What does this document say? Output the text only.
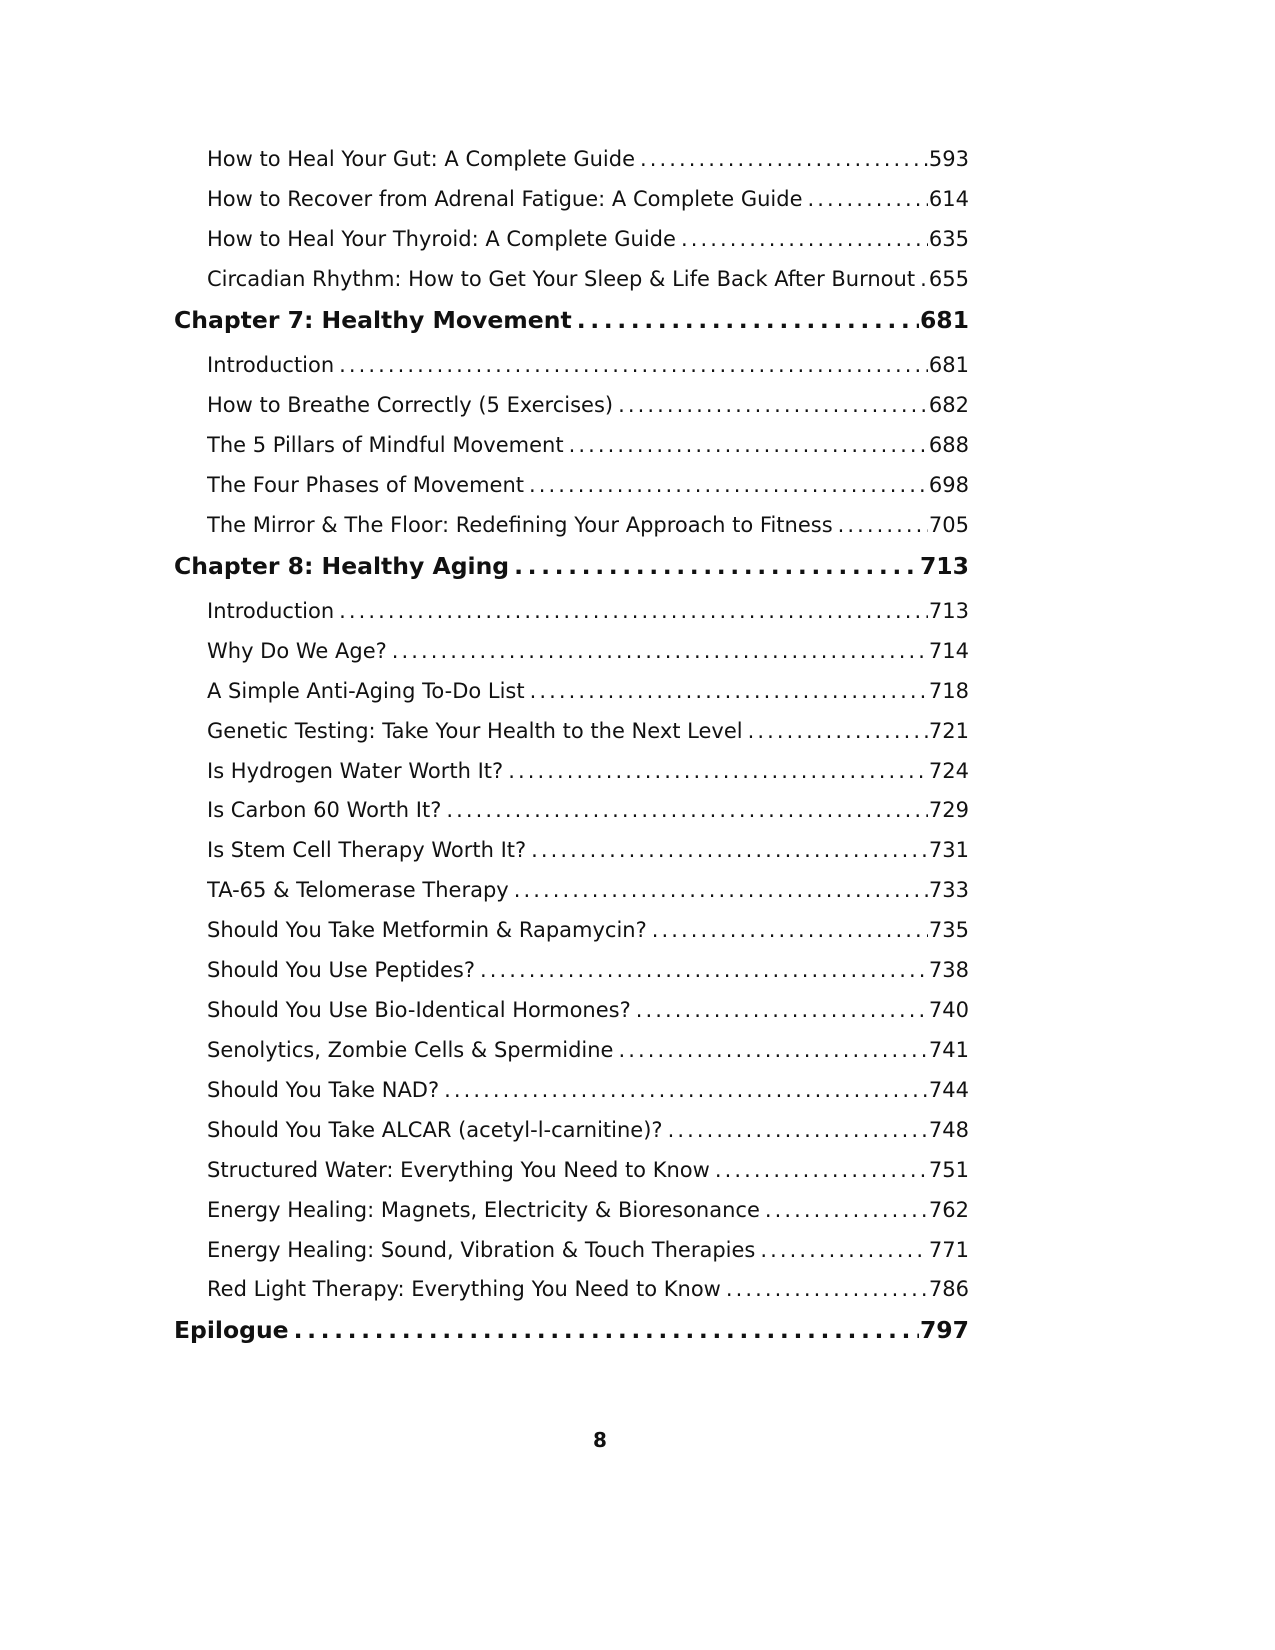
How to Heal Your Gut: A Complete Guide . . .	593
How to Recover from Adrenal Fatigue: A Complete Guide . . .	614
How to Heal Your Thyroid: A Complete Guide . . .	635
Circadian Rhythm: How to Get Your Sleep & Life Back After Burnout . . . 655
Chapter 7: Healthy Movement . . .	681
Introduction . . .	681
How to Breathe Correctly (5 Exercises) . . .	682
The 5 Pillars of Mindful Movement . . .	688
The Four Phases of Movement . . .	698
The Mirror & The Floor: Redefining Your Approach to Fitness . . .	705
Chapter 8: Healthy Aging . . .	713
Introduction . . .	713
Why Do We Age? . . .	714
A Simple Anti-Aging To-Do List . . .	718
Genetic Testing: Take Your Health to the Next Level . . .	721
Is Hydrogen Water Worth It? . . .	724
Is Carbon 60 Worth It? . . .	729
Is Stem Cell Therapy Worth It? . . .	731
TA-65 & Telomerase Therapy . . .	733
Should You Take Metformin & Rapamycin? . . .	735
Should You Use Peptides? . . .	738
Should You Use Bio-Identical Hormones? . . .	740
Senolytics, Zombie Cells & Spermidine . . .	741
Should You Take NAD? . . .	744
Should You Take ALCAR (acetyl-l-carnitine)? . . .	748
Structured Water: Everything You Need to Know . . .	751
Energy Healing: Magnets, Electricity & Bioresonance . . .	762
Energy Healing: Sound, Vibration & Touch Therapies . . .	771
Red Light Therapy: Everything You Need to Know . . .	786
Epilogue . . .	797
8
